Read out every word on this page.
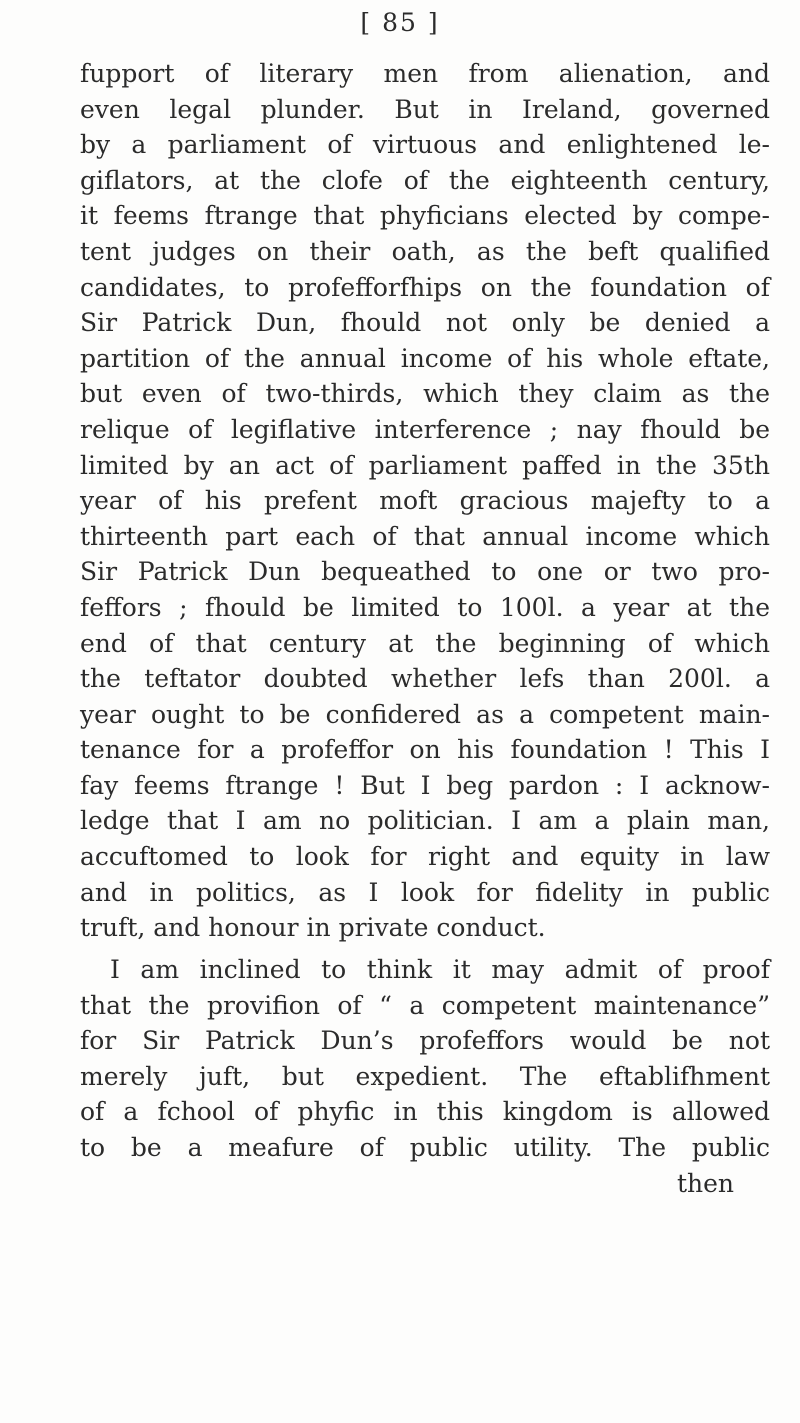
[ 85 ]
fupport of literary men from alienation, and
even legal plunder. But in Ireland, governed
by a parliament of virtuous and enlightened le-
giflators, at the clofe of the eighteenth century,
it feems ftrange that phyficians elected by compe-
tent judges on their oath, as the beft qualified
candidates, to profefforfhips on the foundation of
Sir Patrick Dun, fhould not only be denied a
partition of the annual income of his whole eftate,
but even of two-thirds, which they claim as the
relique of legiflative interference ; nay fhould be
limited by an act of parliament paffed in the 35th
year of his prefent moft gracious majefty to a
thirteenth part each of that annual income which
Sir Patrick Dun bequeathed to one or two pro-
feffors ; fhould be limited to 100l. a year at the
end of that century at the beginning of which
the teftator doubted whether lefs than 200l. a
year ought to be confidered as a competent main-
tenance for a profeffor on his foundation ! This I
fay feems ftrange ! But I beg pardon : I acknow-
ledge that I am no politician. I am a plain man,
accuftomed to look for right and equity in law
and in politics, as I look for fidelity in public
truft, and honour in private conduct.
I am inclined to think it may admit of proof
that the provifion of “ a competent maintenance”
for Sir Patrick Dun’s profeffors would be not
merely juft, but expedient. The eftablifhment
of a fchool of phyfic in this kingdom is allowed
to be a meafure of public utility. The public
then
